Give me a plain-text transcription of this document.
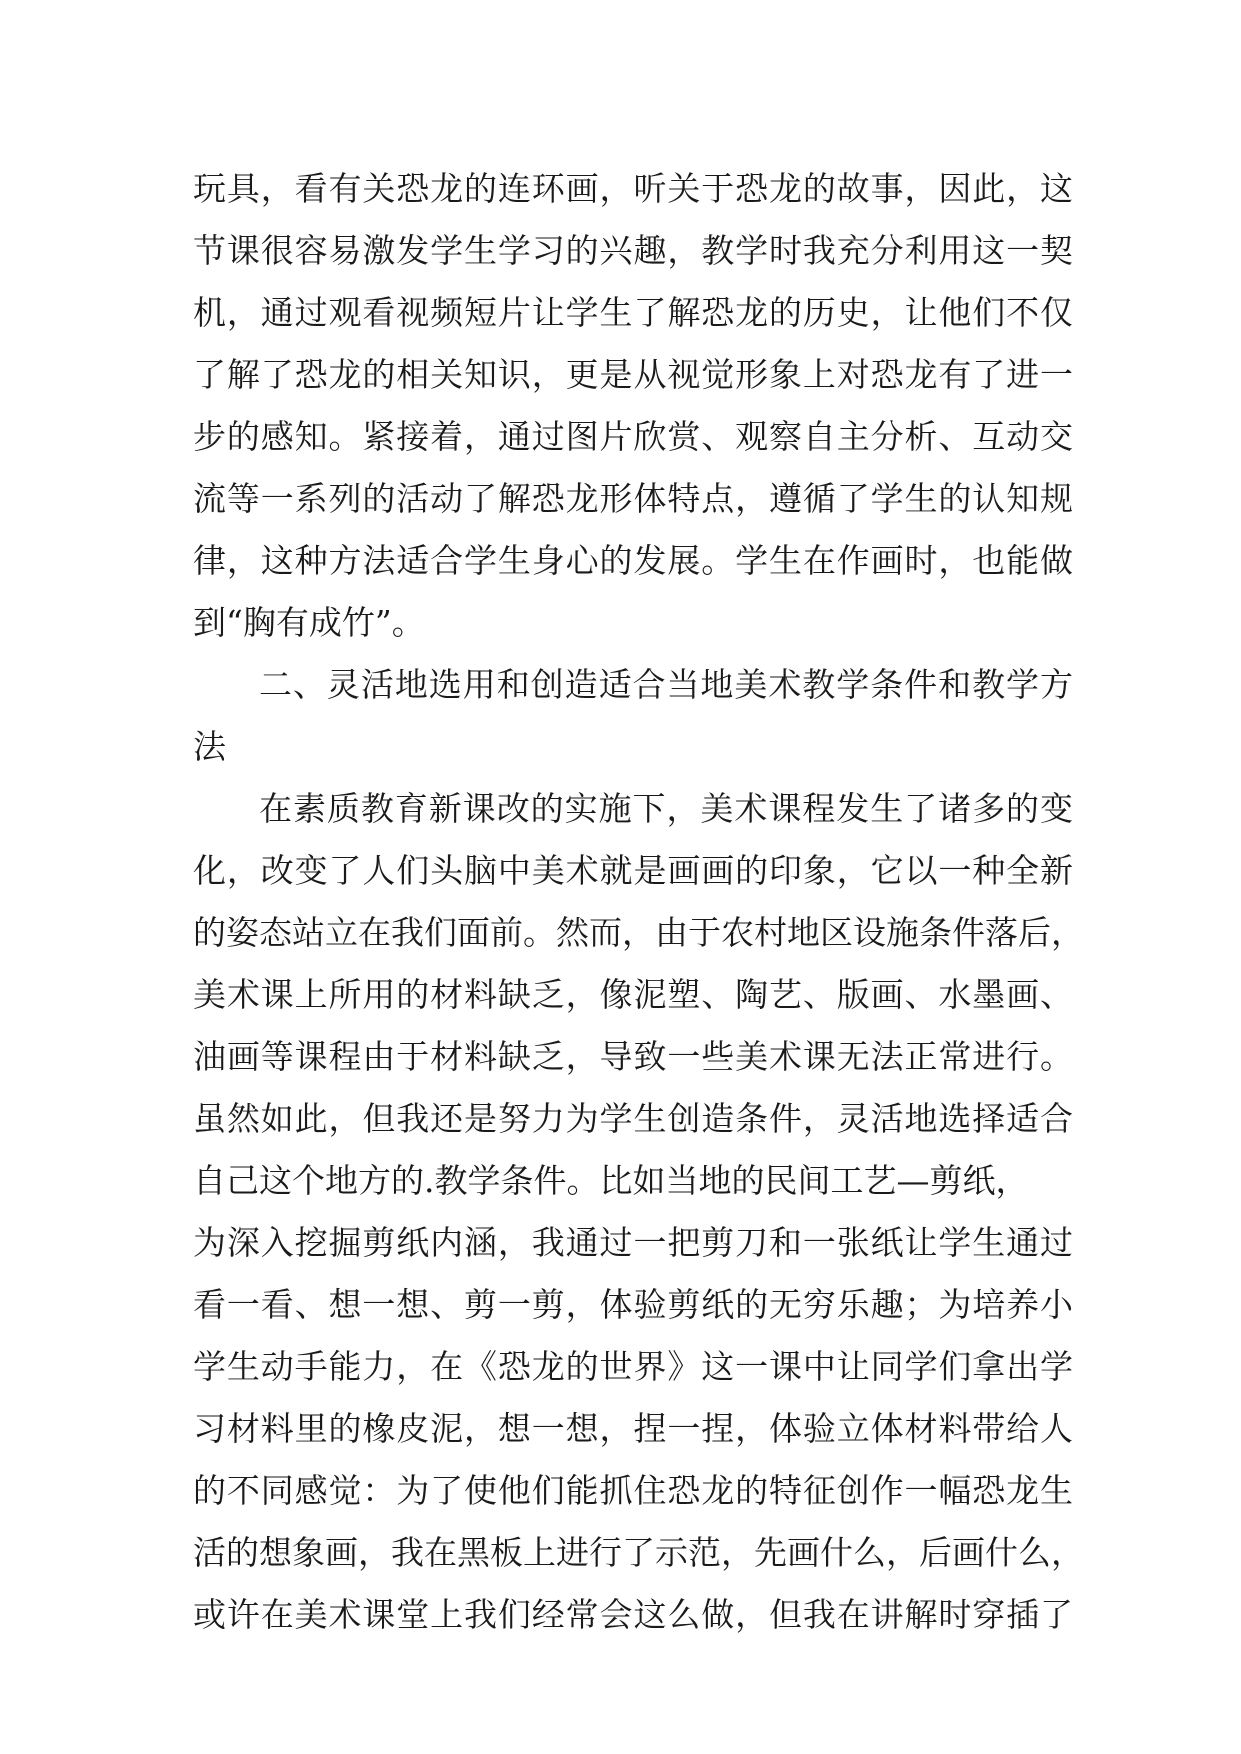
玩具，看有关恐龙的连环画，听关于恐龙的故事，因此，这
节课很容易激发学生学习的兴趣，教学时我充分利用这一契
机，通过观看视频短片让学生了解恐龙的历史，让他们不仅
了解了恐龙的相关知识，更是从视觉形象上对恐龙有了进一
步的感知。紧接着，通过图片欣赏、观察自主分析、互动交
流等一系列的活动了解恐龙形体特点，遵循了学生的认知规
律，这种方法适合学生身心的发展。学生在作画时，也能做
到“胸有成竹”。
二、灵活地选用和创造适合当地美术教学条件和教学方
法
在素质教育新课改的实施下，美术课程发生了诸多的变
化，改变了人们头脑中美术就是画画的印象，它以一种全新
的姿态站立在我们面前。然而，由于农村地区设施条件落后，
美术课上所用的材料缺乏，像泥塑、陶艺、版画、水墨画、
油画等课程由于材料缺乏，导致一些美术课无法正常进行。
虽然如此，但我还是努力为学生创造条件，灵活地选择适合
自己这个地方的.教学条件。比如当地的民间工艺—剪纸，
为深入挖掘剪纸内涵，我通过一把剪刀和一张纸让学生通过
看一看、想一想、剪一剪，体验剪纸的无穷乐趣；为培养小
学生动手能力，在《恐龙的世界》这一课中让同学们拿出学
习材料里的橡皮泥，想一想，捏一捏，体验立体材料带给人
的不同感觉：为了使他们能抓住恐龙的特征创作一幅恐龙生
活的想象画，我在黑板上进行了示范，先画什么，后画什么，
或许在美术课堂上我们经常会这么做，但我在讲解时穿插了
